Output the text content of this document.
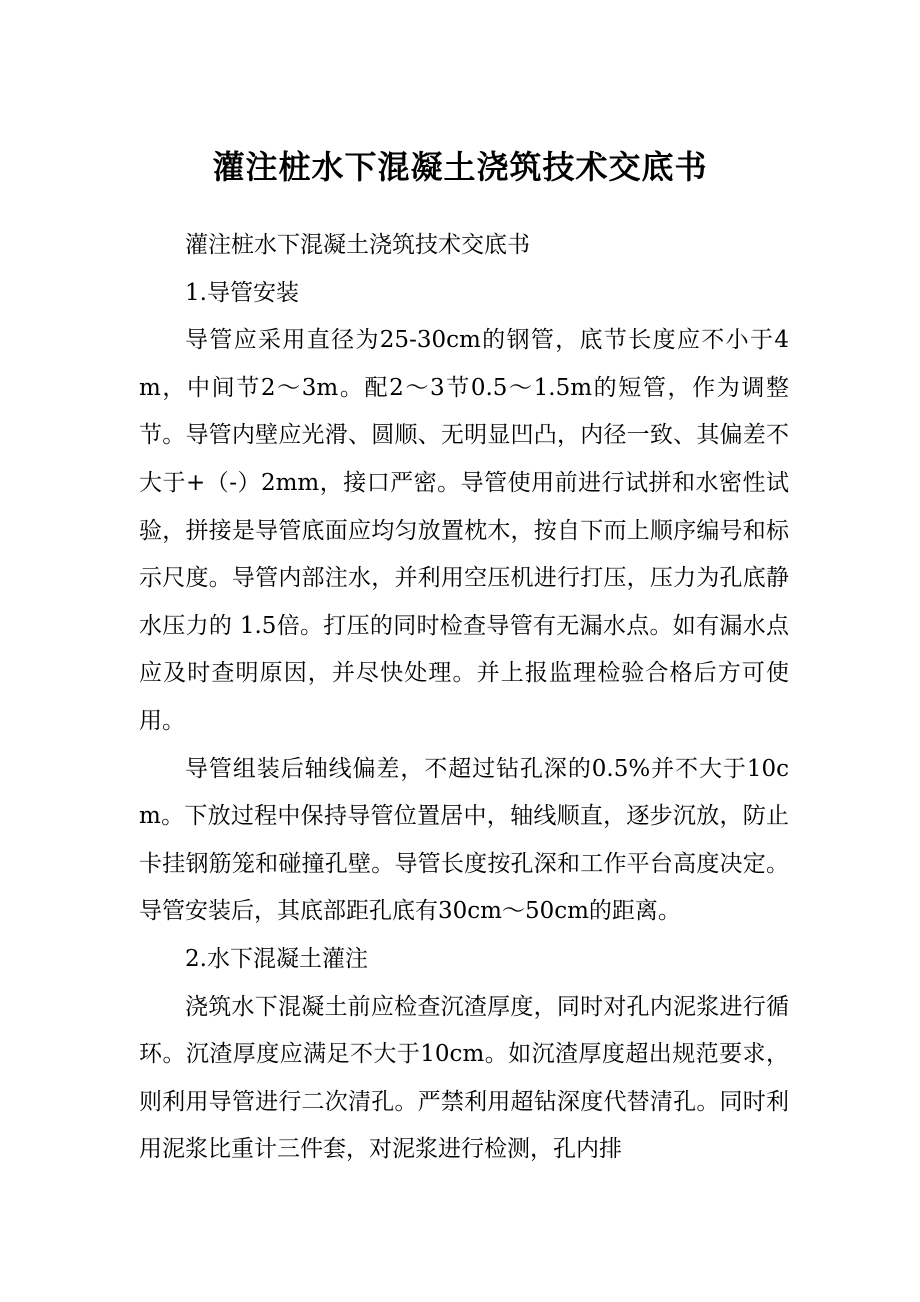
灌注桩水下混凝土浇筑技术交底书

灌注桩水下混凝土浇筑技术交底书

1.导管安装

导管应采用直径为25-30cm的钢管，底节长度应不小于4m，中间节2～3m。配2～3节0.5～1.5m的短管，作为调整节。导管内壁应光滑、圆顺、无明显凹凸，内径一致、其偏差不大于+（-）2mm，接口严密。导管使用前进行试拼和水密性试验，拼接是导管底面应均匀放置枕木，按自下而上顺序编号和标示尺度。导管内部注水，并利用空压机进行打压，压力为孔底静水压力的 1.5倍。打压的同时检查导管有无漏水点。如有漏水点应及时查明原因，并尽快处理。并上报监理检验合格后方可使用。

导管组装后轴线偏差，不超过钻孔深的0.5%并不大于10cm。下放过程中保持导管位置居中，轴线顺直，逐步沉放，防止卡挂钢筋笼和碰撞孔壁。导管长度按孔深和工作平台高度决定。导管安装后，其底部距孔底有30cm～50cm的距离。

2.水下混凝土灌注

浇筑水下混凝土前应检查沉渣厚度，同时对孔内泥浆进行循环。沉渣厚度应满足不大于10cm。如沉渣厚度超出规范要求，则利用导管进行二次清孔。严禁利用超钻深度代替清孔。同时利用泥浆比重计三件套，对泥浆进行检测，孔内排
